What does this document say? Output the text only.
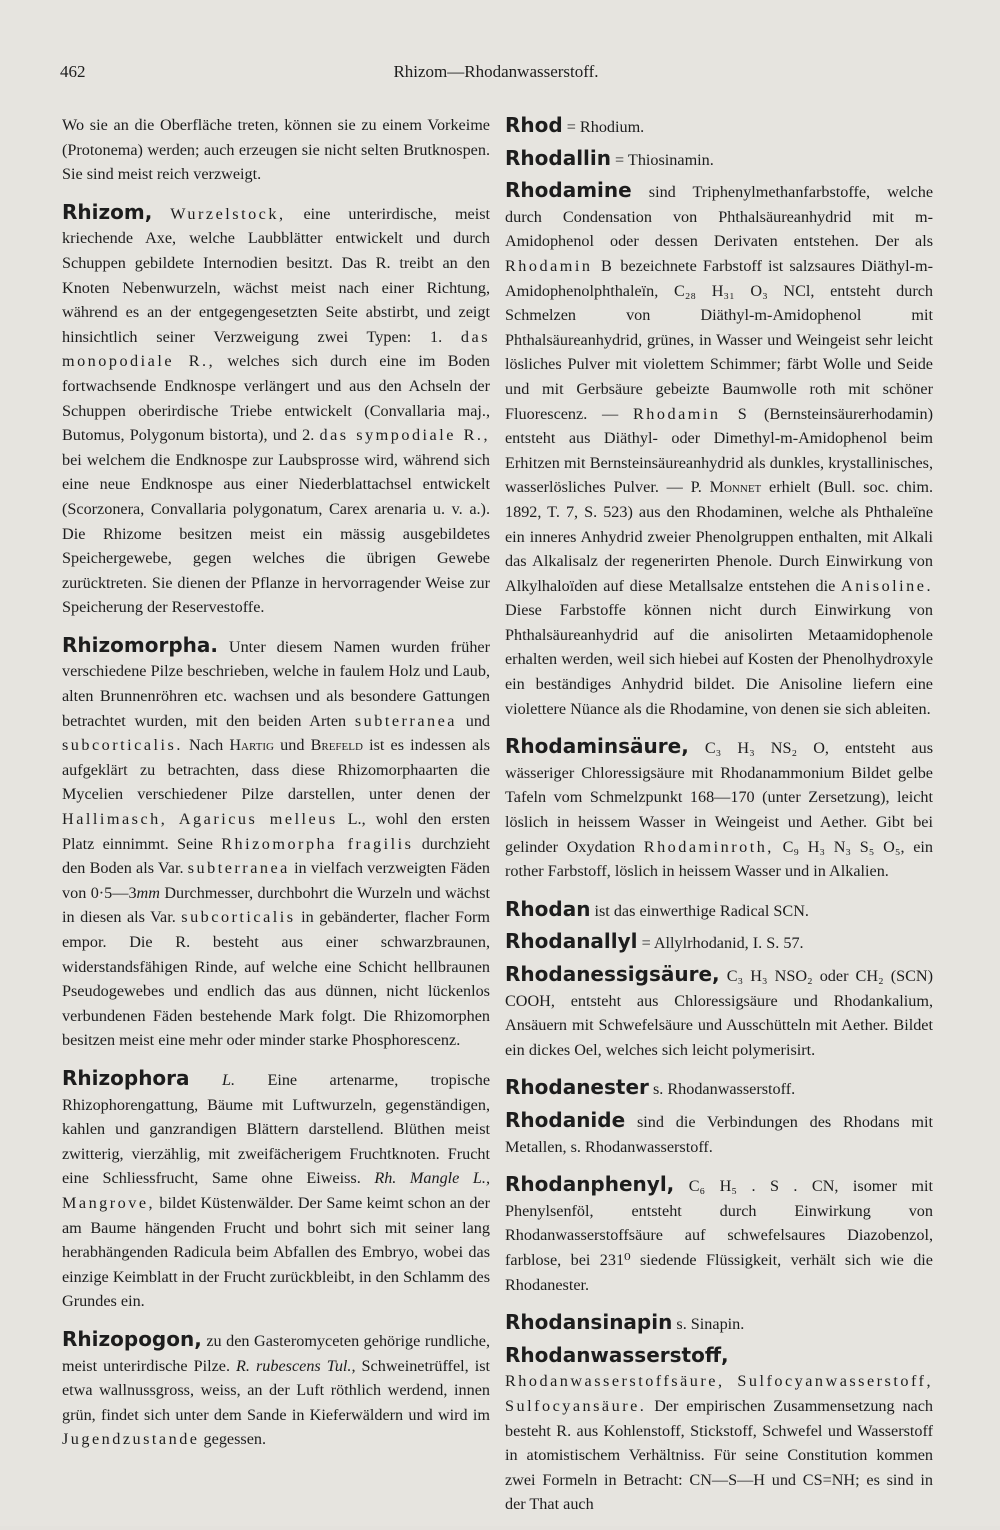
462	Rhizom—Rhodanwasserstoff.

Wo sie an die Oberfläche treten, können sie zu einem Vorkeime (Protonema) werden; auch erzeugen sie nicht selten Brutknospen. Sie sind meist reich verzweigt.

Rhizom, Wurzelstock, eine unterirdische, meist kriechende Axe, welche Laubblätter entwickelt und durch Schuppen gebildete Internodien besitzt. Das R. treibt an den Knoten Nebenwurzeln, wächst meist nach einer Richtung, während es an der entgegengesetzten Seite abstirbt, und zeigt hinsichtlich seiner Verzweigung zwei Typen: 1. das monopodiale R., welches sich durch eine im Boden fortwachsende Endknospe verlängert und aus den Achseln der Schuppen oberirdische Triebe entwickelt (Convallaria maj., Butomus, Polygonum bistorta), und 2. das sympodiale R., bei welchem die Endknospe zur Laubsprosse wird, während sich eine neue Endknospe aus einer Niederblattachsel entwickelt (Scorzonera, Convallaria polygonatum, Carex arenaria u. v. a.). Die Rhizome besitzen meist ein mässig ausgebildetes Speichergewebe, gegen welches die übrigen Gewebe zurücktreten. Sie dienen der Pflanze in hervorragender Weise zur Speicherung der Reservestoffe.

Rhizomorpha. Unter diesem Namen wurden früher verschiedene Pilze beschrieben, welche in faulem Holz und Laub, alten Brunnenröhren etc. wachsen und als besondere Gattungen betrachtet wurden, mit den beiden Arten subterranea und subcorticalis. Nach Hartig und Brefeld ist es indessen als aufgeklärt zu betrachten, dass diese Rhizomorphaarten die Mycelien verschiedener Pilze darstellen, unter denen der Hallimasch, Agaricus melleus L., wohl den ersten Platz einnimmt. Seine Rhizomorpha fragilis durchzieht den Boden als Var. subterranea in vielfach verzweigten Fäden von 0·5—3mm Durchmesser, durchbohrt die Wurzeln und wächst in diesen als Var. subcorticalis in gebänderter, flacher Form empor. Die R. besteht aus einer schwarzbraunen, widerstandsfähigen Rinde, auf welche eine Schicht hellbraunen Pseudogewebes und endlich das aus dünnen, nicht lückenlos verbundenen Fäden bestehende Mark folgt. Die Rhizomorphen besitzen meist eine mehr oder minder starke Phosphorescenz.

Rhizophora L. Eine artenarme, tropische Rhizophorengattung, Bäume mit Luftwurzeln, gegenständigen, kahlen und ganzrandigen Blättern darstellend. Blüthen meist zwitterig, vierzählig, mit zweifächerigem Fruchtknoten. Frucht eine Schliessfrucht, Same ohne Eiweiss. Rh. Mangle L., Mangrove, bildet Küstenwälder. Der Same keimt schon an der am Baume hängenden Frucht und bohrt sich mit seiner lang herabhängenden Radicula beim Abfallen des Embryo, wobei das einzige Keimblatt in der Frucht zurückbleibt, in den Schlamm des Grundes ein.

Rhizopogon, zu den Gasteromyceten gehörige rundliche, meist unterirdische Pilze. R. rubescens Tul., Schweinetrüffel, ist etwa wallnussgross, weiss, an der Luft röthlich werdend, innen grün, findet sich unter dem Sande in Kieferwäldern und wird im Jugendzustande gegessen.

Rhod = Rhodium.

Rhodallin = Thiosinamin.

Rhodamine sind Triphenylmethanfarbstoffe, welche durch Condensation von Phthalsäureanhydrid mit m-Amidophenol oder dessen Derivaten entstehen. Der als Rhodamin B bezeichnete Farbstoff ist salzsaures Diäthyl-m-Amidophenolphthaleïn, C₂₈ H₃₁ O₃ NCl, entsteht durch Schmelzen von Diäthyl-m-Amidophenol mit Phthalsäureanhydrid, grünes, in Wasser und Weingeist sehr leicht lösliches Pulver mit violettem Schimmer; färbt Wolle und Seide und mit Gerbsäure gebeizte Baumwolle roth mit schöner Fluorescenz. — Rhodamin S (Bernsteinsäurerhodamin) entsteht aus Diäthyl- oder Dimethyl-m-Amidophenol beim Erhitzen mit Bernsteinsäureanhydrid als dunkles, krystallinisches, wasserlösliches Pulver. — P. Monnet erhielt (Bull. soc. chim. 1892, T. 7, S. 523) aus den Rhodaminen, welche als Phthaleïne ein inneres Anhydrid zweier Phenolgruppen enthalten, mit Alkali das Alkalisalz der regenerirten Phenole. Durch Einwirkung von Alkylhaloïden auf diese Metallsalze entstehen die Anisoline. Diese Farbstoffe können nicht durch Einwirkung von Phthalsäureanhydrid auf die anisolirten Metaamidophenole erhalten werden, weil sich hiebei auf Kosten der Phenolhydroxyle ein beständiges Anhydrid bildet. Die Anisoline liefern eine violettere Nüance als die Rhodamine, von denen sie sich ableiten.

Rhodaminsäure, C₃ H₃ NS₂ O, entsteht aus wässeriger Chloressigsäure mit Rhodanammonium Bildet gelbe Tafeln vom Schmelzpunkt 168—170 (unter Zersetzung), leicht löslich in heissem Wasser in Weingeist und Aether. Gibt bei gelinder Oxydation Rhodaminroth, C₉ H₃ N₃ S₅ O₅, ein rother Farbstoff, löslich in heissem Wasser und in Alkalien.

Rhodan ist das einwerthige Radical SCN.

Rhodanallyl = Allylrhodanid, I. S. 57.

Rhodanessigsäure, C₃ H₃ NSO₂ oder CH₂ (SCN) COOH, entsteht aus Chloressigsäure und Rhodankalium, Ansäuern mit Schwefelsäure und Ausschütteln mit Aether. Bildet ein dickes Oel, welches sich leicht polymerisirt.

Rhodanester s. Rhodanwasserstoff.

Rhodanide sind die Verbindungen des Rhodans mit Metallen, s. Rhodanwasserstoff.

Rhodanphenyl, C₆ H₅ . S . CN, isomer mit Phenylsenföl, entsteht durch Einwirkung von Rhodanwasserstoffsäure auf schwefelsaures Diazobenzol, farblose, bei 231⁰ siedende Flüssigkeit, verhält sich wie die Rhodanester.

Rhodansinapin s. Sinapin.

Rhodanwasserstoff, Rhodanwasserstoffsäure, Sulfocyanwasserstoff, Sulfocyansäure. Der empirischen Zusammensetzung nach besteht R. aus Kohlenstoff, Stickstoff, Schwefel und Wasserstoff in atomistischem Verhältniss. Für seine Constitution kommen zwei Formeln in Betracht: CN—S—H und CS=NH; es sind in der That auch
